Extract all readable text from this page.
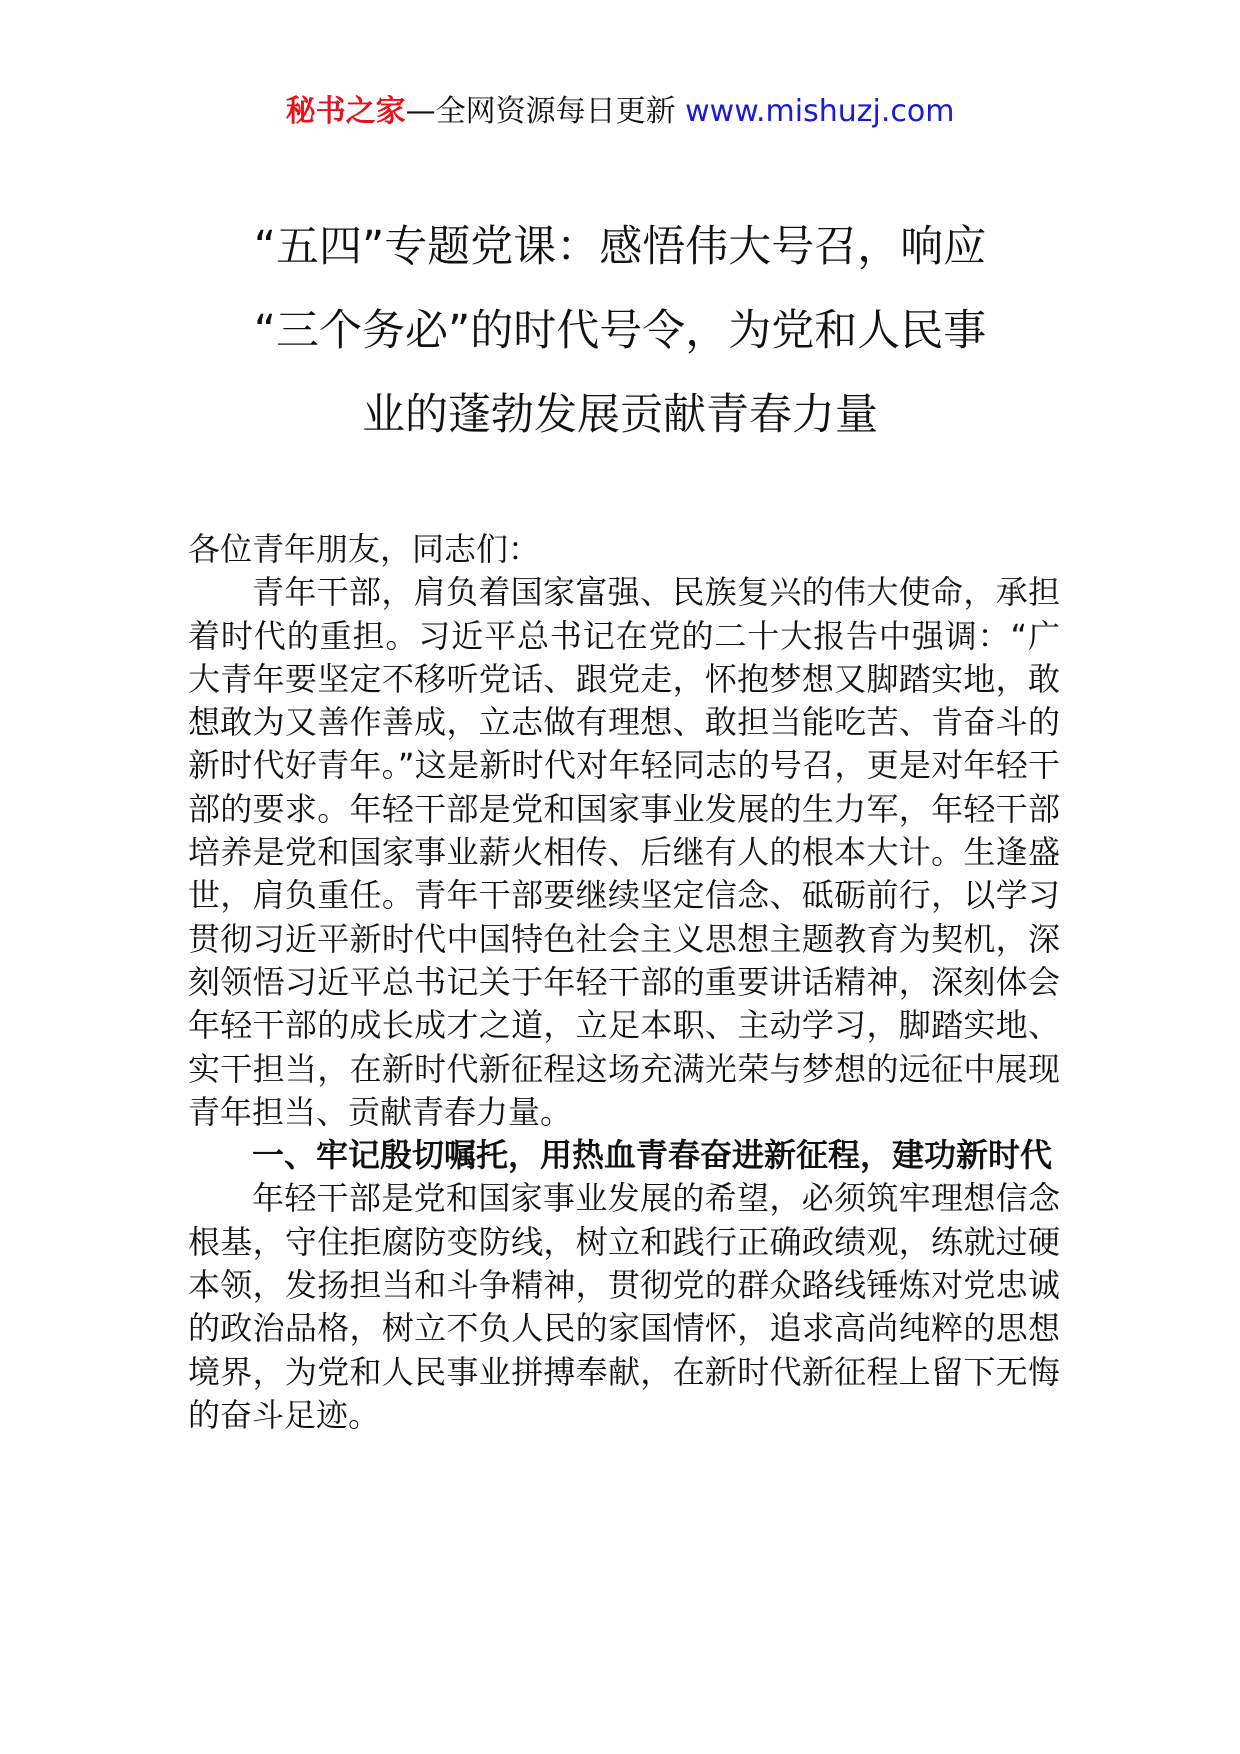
秘书之家—全网资源每日更新 www.mishuzj.com
“五四”专题党课：感悟伟大号召，响应
“三个务必”的时代号令，为党和人民事
业的蓬勃发展贡献青春力量

各位青年朋友，同志们：

青年干部，肩负着国家富强、民族复兴的伟大使命，承担着时代的重担。习近平总书记在党的二十大报告中强调：“广大青年要坚定不移听党话、跟党走，怀抱梦想又脚踏实地，敢想敢为又善作善成，立志做有理想、敢担当能吃苦、肯奋斗的新时代好青年。”这是新时代对年轻同志的号召，更是对年轻干部的要求。年轻干部是党和国家事业发展的生力军，年轻干部培养是党和国家事业薪火相传、后继有人的根本大计。生逢盛世，肩负重任。青年干部要继续坚定信念、砥砺前行，以学习贯彻习近平新时代中国特色社会主义思想主题教育为契机，深刻领悟习近平总书记关于年轻干部的重要讲话精神，深刻体会年轻干部的成长成才之道，立足本职、主动学习，脚踏实地、实干担当，在新时代新征程这场充满光荣与梦想的远征中展现青年担当、贡献青春力量。

一、牢记殷切嘱托，用热血青春奋进新征程，建功新时代

年轻干部是党和国家事业发展的希望，必须筑牢理想信念根基，守住拒腐防变防线，树立和践行正确政绩观，练就过硬本领，发扬担当和斗争精神，贯彻党的群众路线锤炼对党忠诚的政治品格，树立不负人民的家国情怀，追求高尚纯粹的思想境界，为党和人民事业拼搏奉献，在新时代新征程上留下无悔的奋斗足迹。
